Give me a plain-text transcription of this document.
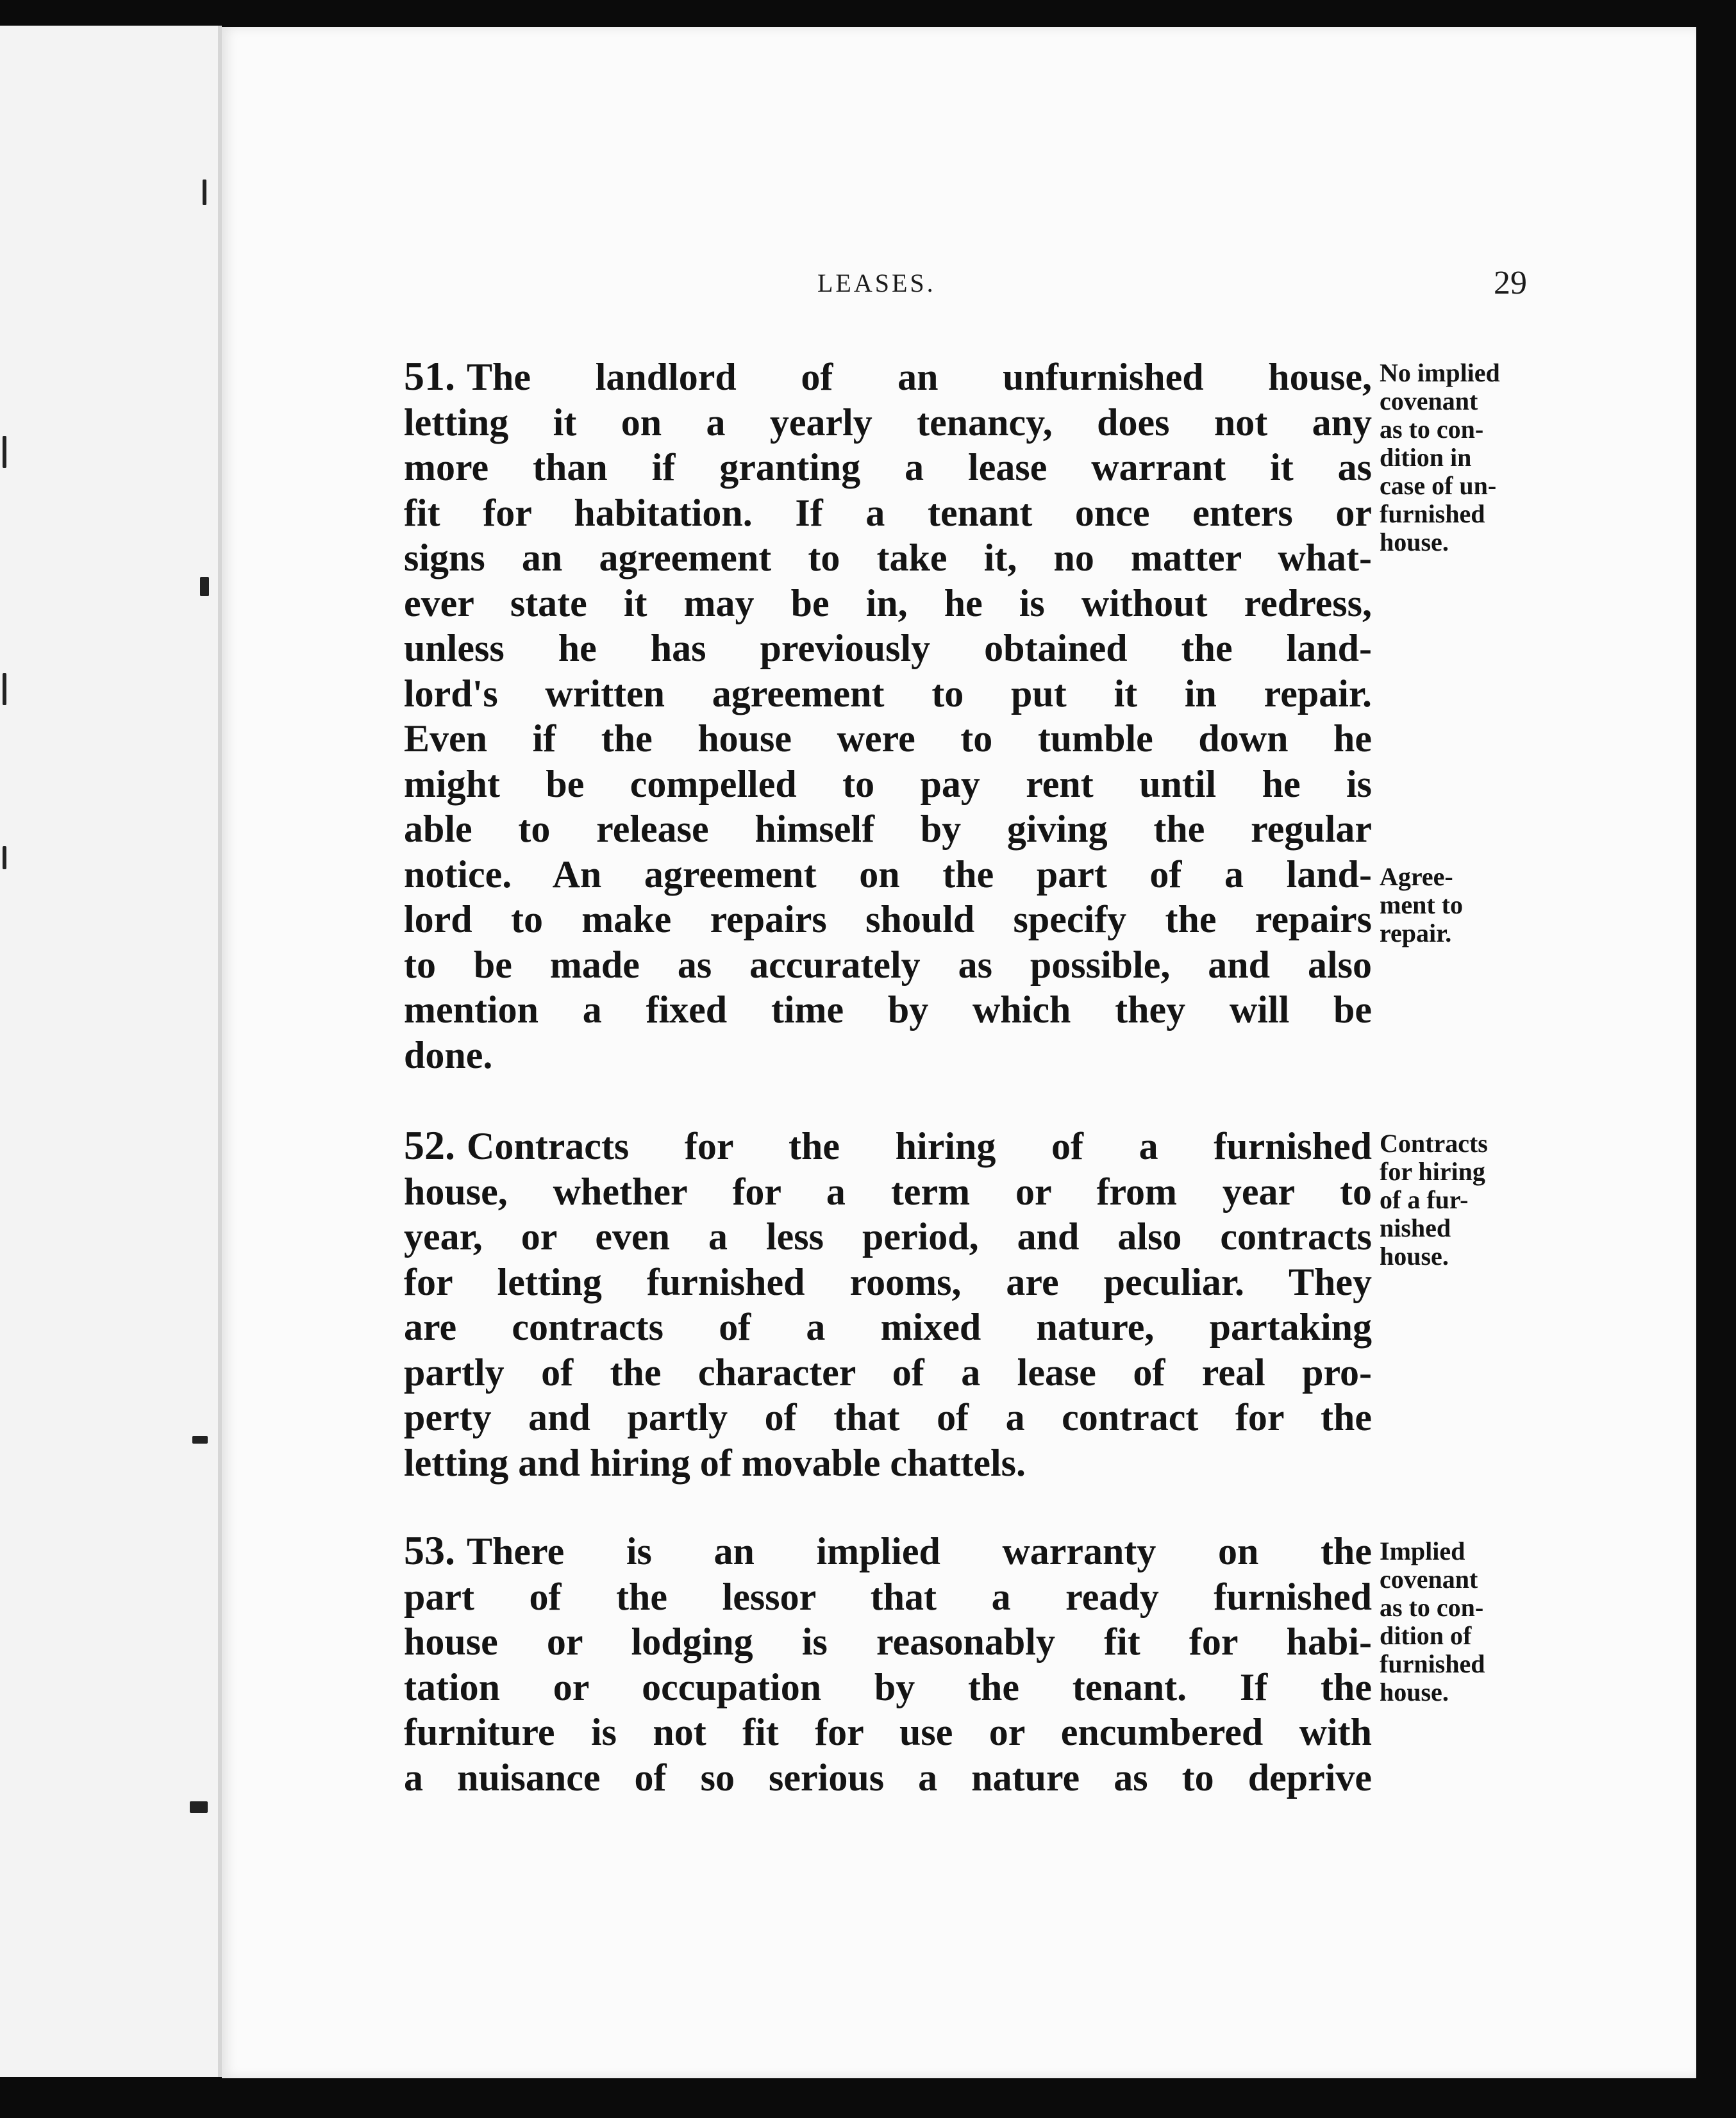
LEASES.	29
51. The landlord of an unfurnished house,
letting it on a yearly tenancy, does not any
more than if granting a lease warrant it as
fit for habitation. If a tenant once enters or
signs an agreement to take it, no matter what-
ever state it may be in, he is without redress,
unless he has previously obtained the land-
lord's written agreement to put it in repair.
Even if the house were to tumble down he
might be compelled to pay rent until he is
able to release himself by giving the regular
notice. An agreement on the part of a land-
lord to make repairs should specify the repairs
to be made as accurately as possible, and also
mention a fixed time by which they will be
done.
52. Contracts for the hiring of a furnished
house, whether for a term or from year to
year, or even a less period, and also contracts
for letting furnished rooms, are peculiar. They
are contracts of a mixed nature, partaking
partly of the character of a lease of real pro-
perty and partly of that of a contract for the
letting and hiring of movable chattels.
53. There is an implied warranty on the
part of the lessor that a ready furnished
house or lodging is reasonably fit for habi-
tation or occupation by the tenant. If the
furniture is not fit for use or encumbered with
a nuisance of so serious a nature as to deprive
No implied
covenant
as to con-
dition in
case of un-
furnished
house.
Agree-
ment to
repair.
Contracts
for hiring
of a fur-
nished
house.
Implied
covenant
as to con-
dition of
furnished
house.
